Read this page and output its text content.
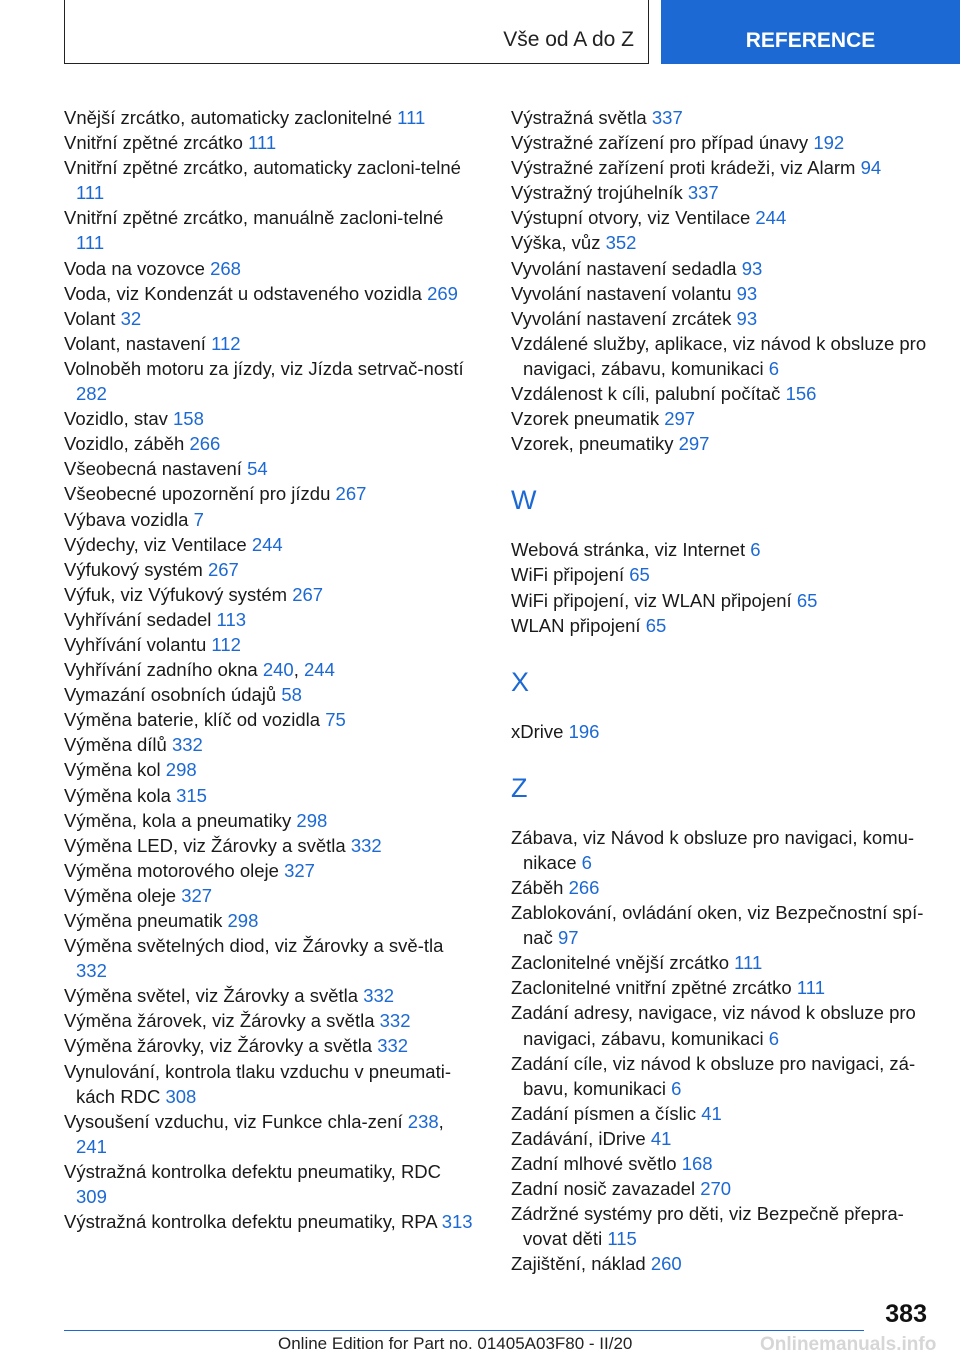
Vše od A do Z	REFERENCE
Vnější zrcátko, automaticky zaclonitelné 111
Vnitřní zpětné zrcátko 111
Vnitřní zpětné zrcátko, automaticky zacloni‐telné 111
Vnitřní zpětné zrcátko, manuálně zacloni‐telné 111
Voda na vozovce 268
Voda, viz Kondenzát u odstaveného vozidla 269
Volant 32
Volant, nastavení 112
Volnoběh motoru za jízdy, viz Jízda setrvač‐ností 282
Vozidlo, stav 158
Vozidlo, záběh 266
Všeobecná nastavení 54
Všeobecné upozornění pro jízdu 267
Výbava vozidla 7
Výdechy, viz Ventilace 244
Výfukový systém 267
Výfuk, viz Výfukový systém 267
Vyhřívání sedadel 113
Vyhřívání volantu 112
Vyhřívání zadního okna 240, 244
Vymazání osobních údajů 58
Výměna baterie, klíč od vozidla 75
Výměna dílů 332
Výměna kol 298
Výměna kola 315
Výměna, kola a pneumatiky 298
Výměna LED, viz Žárovky a světla 332
Výměna motorového oleje 327
Výměna oleje 327
Výměna pneumatik 298
Výměna světelných diod, viz Žárovky a svě‐tla 332
Výměna světel, viz Žárovky a světla 332
Výměna žárovek, viz Žárovky a světla 332
Výměna žárovky, viz Žárovky a světla 332
Vynulování, kontrola tlaku vzduchu v pneumati‐kách RDC 308
Vysoušení vzduchu, viz Funkce chla‐zení 238, 241
Výstražná kontrolka defektu pneumatiky, RDC 309
Výstražná kontrolka defektu pneumatiky, RPA 313
Výstražná světla 337
Výstražné zařízení pro případ únavy 192
Výstražné zařízení proti krádeži, viz Alarm 94
Výstražný trojúhelník 337
Výstupní otvory, viz Ventilace 244
Výška, vůz 352
Vyvolání nastavení sedadla 93
Vyvolání nastavení volantu 93
Vyvolání nastavení zrcátek 93
Vzdálené služby, aplikace, viz návod k obsluze pro navigaci, zábavu, komunikaci 6
Vzdálenost k cíli, palubní počítač 156
Vzorek pneumatik 297
Vzorek, pneumatiky 297
W
Webová stránka, viz Internet 6
WiFi připojení 65
WiFi připojení, viz WLAN připojení 65
WLAN připojení 65
X
xDrive 196
Z
Zábava, viz Návod k obsluze pro navigaci, komu‐nikace 6
Záběh 266
Zablokování, ovládání oken, viz Bezpečnostní spí‐nač 97
Zaclonitelné vnější zrcátko 111
Zaclonitelné vnitřní zpětné zrcátko 111
Zadání adresy, navigace, viz návod k obsluze pro navigaci, zábavu, komunikaci 6
Zadání cíle, viz návod k obsluze pro navigaci, zá‐bavu, komunikaci 6
Zadání písmen a číslic 41
Zadávání, iDrive 41
Zadní mlhové světlo 168
Zadní nosič zavazadel 270
Zádržné systémy pro děti, viz Bezpečně přepra‐vovat děti 115
Zajištění, náklad 260
383
Online Edition for Part no. 01405A03F80 - II/20	Onlinemanuals.info
